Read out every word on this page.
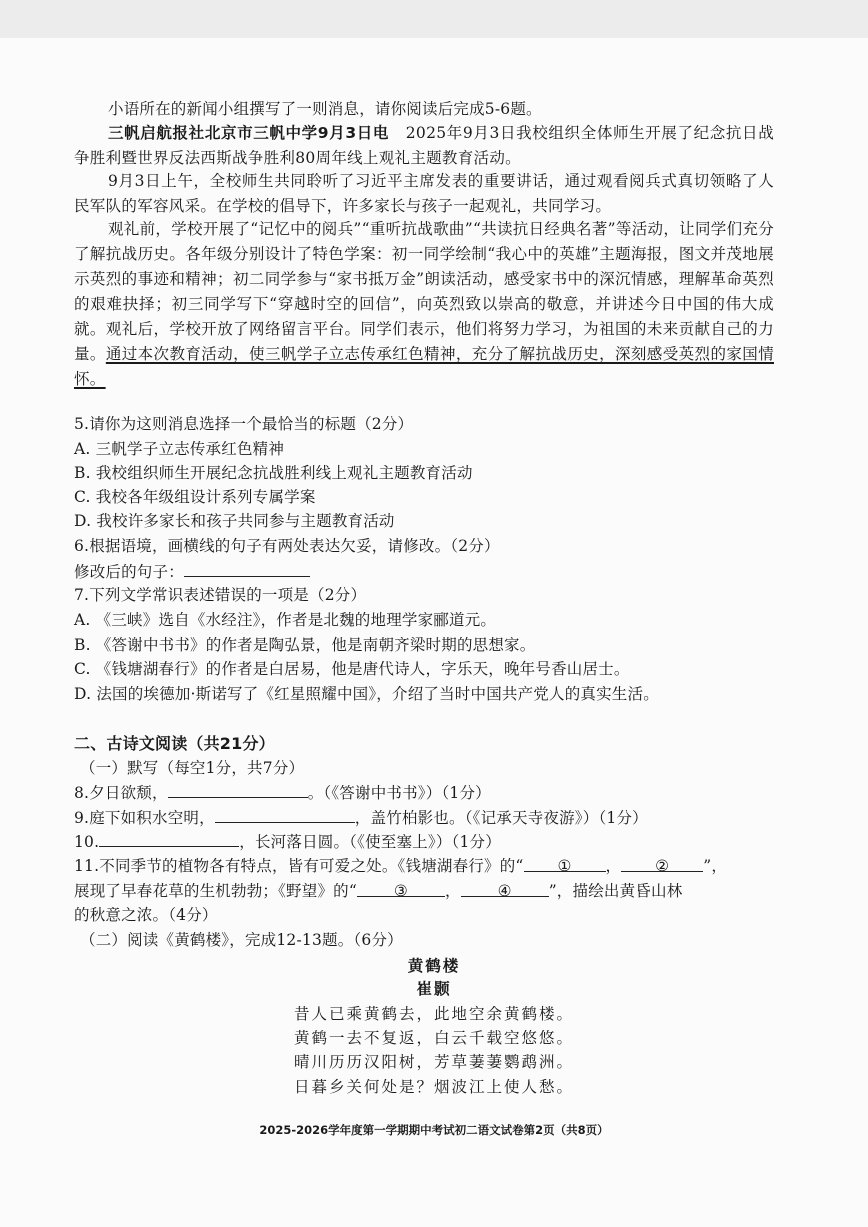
小语所在的新闻小组撰写了一则消息，请你阅读后完成5-6题。
三帆启航报社北京市三帆中学9月3日电 2025年9月3日我校组织全体师生开展了纪念抗日战争胜利暨世界反法西斯战争胜利80周年线上观礼主题教育活动。
9月3日上午，全校师生共同聆听了习近平主席发表的重要讲话，通过观看阅兵式真切领略了人民军队的军容风采。在学校的倡导下，许多家长与孩子一起观礼，共同学习。
观礼前，学校开展了“记忆中的阅兵”“重听抗战歌曲”“共读抗日经典名著”等活动，让同学们充分了解抗战历史。各年级分别设计了特色学案：初一同学绘制“我心中的英雄”主题海报，图文并茂地展示英烈的事迹和精神；初二同学参与“家书抵万金”朗读活动，感受家书中的深沉情感，理解革命英烈的艰难抉择；初三同学写下“穿越时空的回信”，向英烈致以崇高的敬意，并讲述今日中国的伟大成就。观礼后，学校开放了网络留言平台。同学们表示，他们将努力学习，为祖国的未来贡献自己的力量。通过本次教育活动，使三帆学子立志传承红色精神，充分了解抗战历史，深刻感受英烈的家国情怀。
5.请你为这则消息选择一个最恰当的标题（2分）
A. 三帆学子立志传承红色精神
B. 我校组织师生开展纪念抗战胜利线上观礼主题教育活动
C. 我校各年级组设计系列专属学案
D. 我校许多家长和孩子共同参与主题教育活动
6.根据语境，画横线的句子有两处表达欠妥，请修改。（2分）
修改后的句子：
7.下列文学常识表述错误的一项是（2分）
A. 《三峡》选自《水经注》，作者是北魏的地理学家郦道元。
B. 《答谢中书书》的作者是陶弘景，他是南朝齐梁时期的思想家。
C. 《钱塘湖春行》的作者是白居易，他是唐代诗人，字乐天，晚年号香山居士。
D. 法国的埃德加·斯诺写了《红星照耀中国》，介绍了当时中国共产党人的真实生活。
二、古诗文阅读（共21分）
（一）默写（每空1分，共7分）
8.夕日欲颓，	。（《答谢中书书》）（1分）
9.庭下如积水空明，	，盖竹柏影也。（《记承天寺夜游》）（1分）
10.	，长河落日圆。（《使至塞上》）（1分）
11.不同季节的植物各有特点，皆有可爱之处。《钱塘湖春行》的“ ① ， ② ”，
展现了早春花草的生机勃勃；《野望》的“ ③ ， ④ ”，描绘出黄昏山林
的秋意之浓。（4分）
（二）阅读《黄鹤楼》，完成12-13题。（6分）
黄鹤楼
崔颢
昔人已乘黄鹤去，此地空余黄鹤楼。
黄鹤一去不复返，白云千载空悠悠。
晴川历历汉阳树，芳草萋萋鹦鹉洲。
日暮乡关何处是？烟波江上使人愁。
2025-2026学年度第一学期期中考试初二语文试卷第2页（共8页）
